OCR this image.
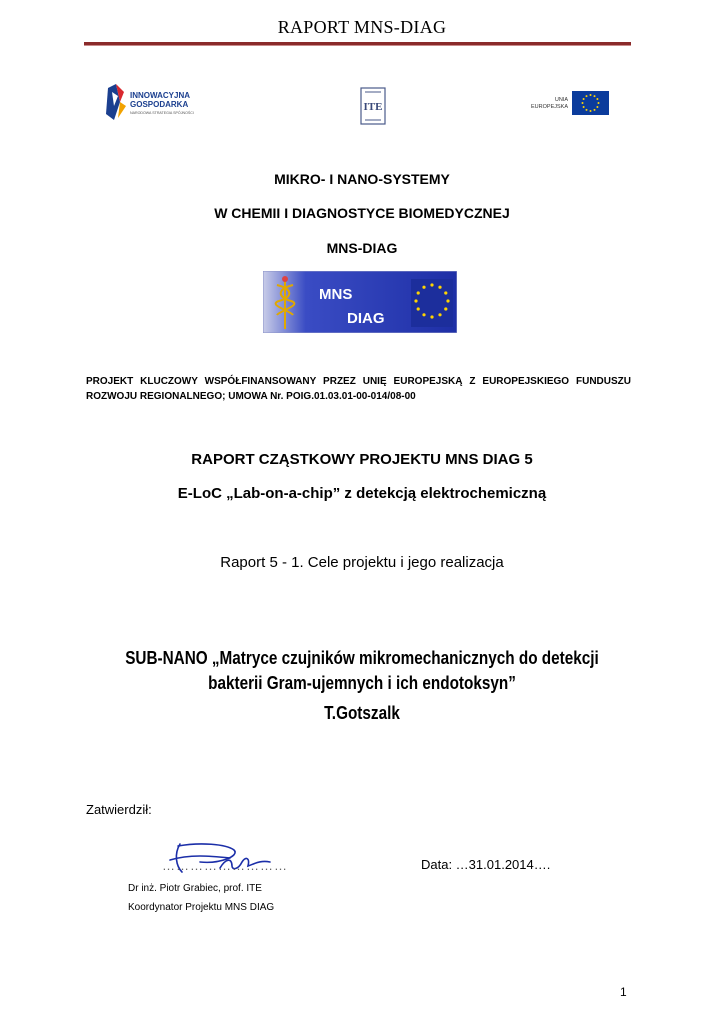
RAPORT MNS-DIAG
INNOWACYJNA
GOSPODARKA
NARODOWA STRATEGIA SPÓJNOŚCI	ITE
UNIA
EUROPEJSKA
MIKRO- I NANO-SYSTEMY
W CHEMII I DIAGNOSTYCE BIOMEDYCZNEJ
MNS-DIAG
MNS
DIAG
PROJEKT KLUCZOWY WSPÓŁFINANSOWANY PRZEZ UNIĘ EUROPEJSKĄ Z EUROPEJSKIEGO FUNDUSZU ROZWOJU REGIONALNEGO; UMOWA Nr. POIG.01.03.01-00-014/08-00
RAPORT CZĄSTKOWY PROJEKTU MNS DIAG 5
E-LoC „Lab-on-a-chip” z detekcją elektrochemiczną
Raport 5 - 1. Cele projektu i jego realizacja
SUB-NANO „Matryce czujników mikromechanicznych do detekcji
bakterii Gram-ujemnych i ich endotoksyn”
T.Gotszalk
Zatwierdził:
………………………	Data: …31.01.2014….
Dr inż. Piotr Grabiec, prof. ITE
Koordynator Projektu MNS DIAG
1
